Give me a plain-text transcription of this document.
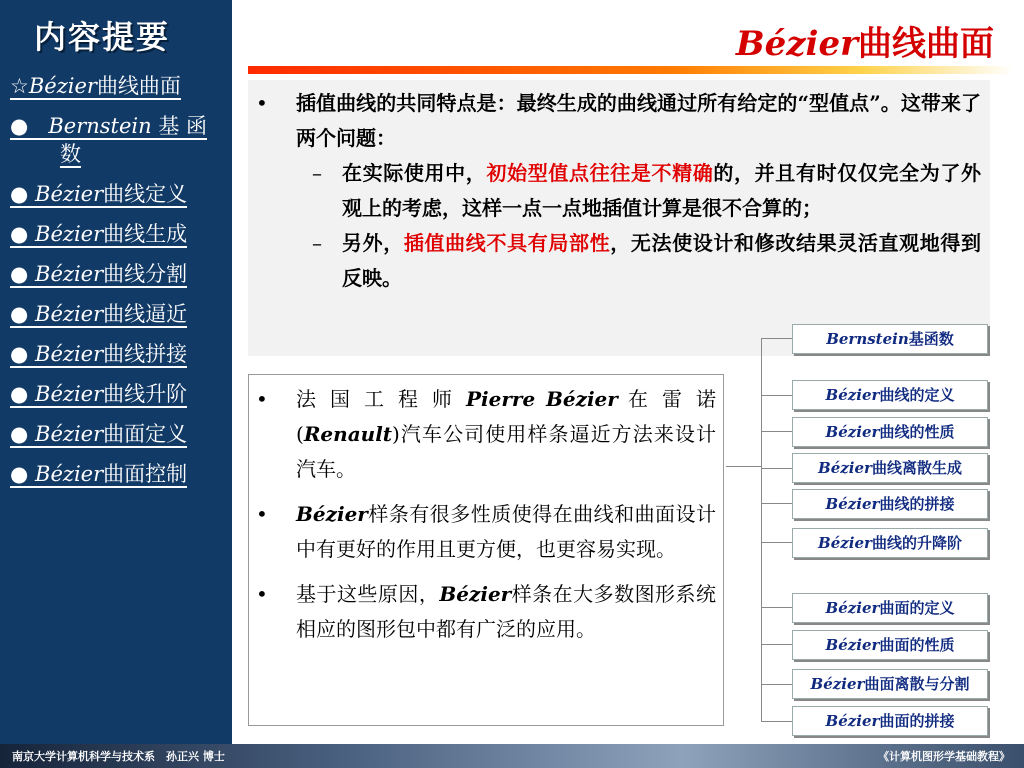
内容提要
☆Bézier曲线曲面
● Bernstein 基 函
数
● Bézier曲线定义
● Bézier曲线生成
● Bézier曲线分割
● Bézier曲线逼近
● Bézier曲线拼接
● Bézier曲线升阶
● Bézier曲面定义
● Bézier曲面控制
Bézier曲线曲面
•	插值曲线的共同特点是：最终生成的曲线通过所有给定的“型值点”。这带来了两个问题：
–	在实际使用中，初始型值点往往是不精确的，并且有时仅仅完全为了外观上的考虑，这样一点一点地插值计算是很不合算的；
–	另外，插值曲线不具有局部性，无法使设计和修改结果灵活直观地得到反映。
•	法 国 工 程 师 Pierre Bézier 在 雷 诺 (Renault)汽车公司使用样条逼近方法来设计汽车。
•	Bézier样条有很多性质使得在曲线和曲面设计中有更好的作用且更方便，也更容易实现。
•	基于这些原因，Bézier样条在大多数图形系统相应的图形包中都有广泛的应用。
Bernstein基函数
Bézier曲线的定义
Bézier曲线的性质
Bézier曲线离散生成
Bézier曲线的拼接
Bézier曲线的升降阶
Bézier曲面的定义
Bézier曲面的性质
Bézier曲面离散与分割
Bézier曲面的拼接
南京大学计算机科学与技术系　孙正兴 博士	《计算机图形学基础教程》
